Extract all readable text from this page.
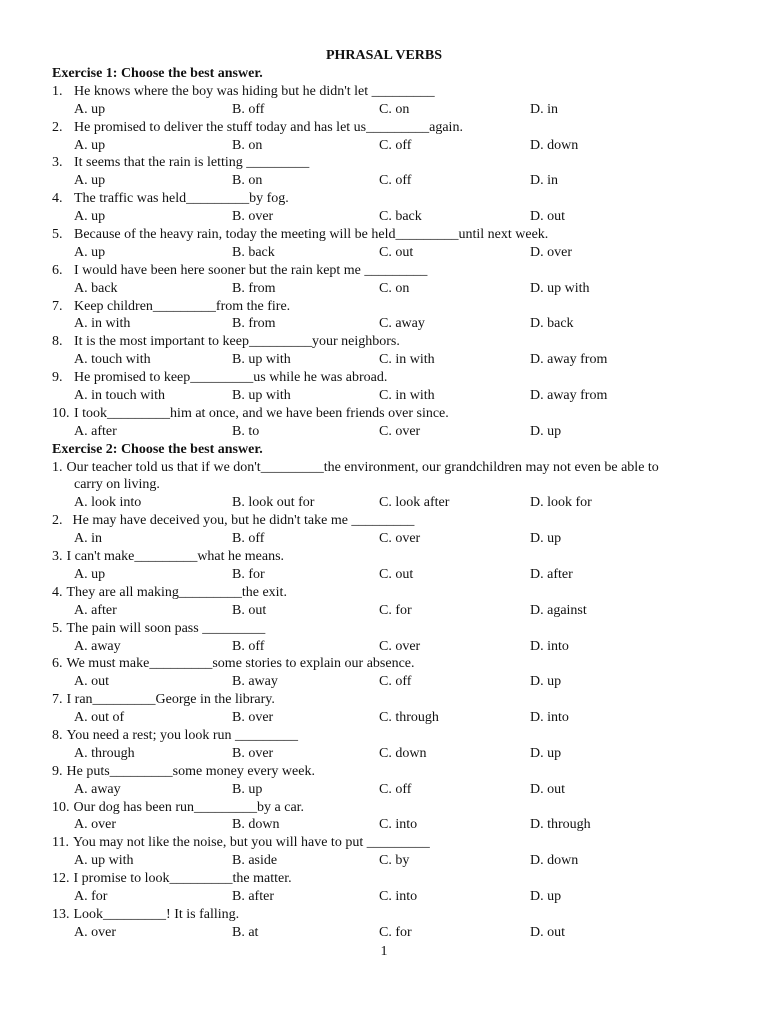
PHRASAL VERBS
Exercise 1: Choose the best answer.
1. He knows where the boy was hiding but he didn't let _________
A. up	B. off	C. on	D. in
2. He promised to deliver the stuff today and has let us_________again.
A. up	B. on	C. off	D. down
3. It seems that the rain is letting _________
A. up	B. on	C. off	D. in
4. The traffic was held_________by fog.
A. up	B. over	C. back	D. out
5. Because of the heavy rain, today the meeting will be held_________until next week.
A. up	B. back	C. out	D. over
6. I would have been here sooner but the rain kept me _________
A. back	B. from	C. on	D. up with
7. Keep children_________from the fire.
A. in with	B. from	C. away	D. back
8. It is the most important to keep_________your neighbors.
A. touch with	B. up with	C. in with	D. away from
9. He promised to keep_________us while he was abroad.
A. in touch with	B. up with	C. in with	D. away from
10. I took_________him at once, and we have been friends over since.
A. after	B. to	C. over	D. up
Exercise 2: Choose the best answer.
1. Our teacher told us that if we don't_________the environment, our grandchildren may not even be able to
carry on living.
A. look into	B. look out for	C. look after	D. look for
2. He may have deceived you, but he didn't take me _________
A. in	B. off	C. over	D. up
3. I can't make_________what he means.
A. up	B. for	C. out	D. after
4. They are all making_________the exit.
A. after	B. out	C. for	D. against
5. The pain will soon pass _________
A. away	B. off	C. over	D. into
6. We must make_________some stories to explain our absence.
A. out	B. away	C. off	D. up
7. I ran_________George in the library.
A. out of	B. over	C. through	D. into
8. You need a rest; you look run _________
A. through	B. over	C. down	D. up
9. He puts_________some money every week.
A. away	B. up	C. off	D. out
10. Our dog has been run_________by a car.
A. over	B. down	C. into	D. through
11. You may not like the noise, but you will have to put _________
A. up with	B. aside	C. by	D. down
12. I promise to look_________the matter.
A. for	B. after	C. into	D. up
13. Look_________! It is falling.
A. over	B. at	C. for	D. out
1
